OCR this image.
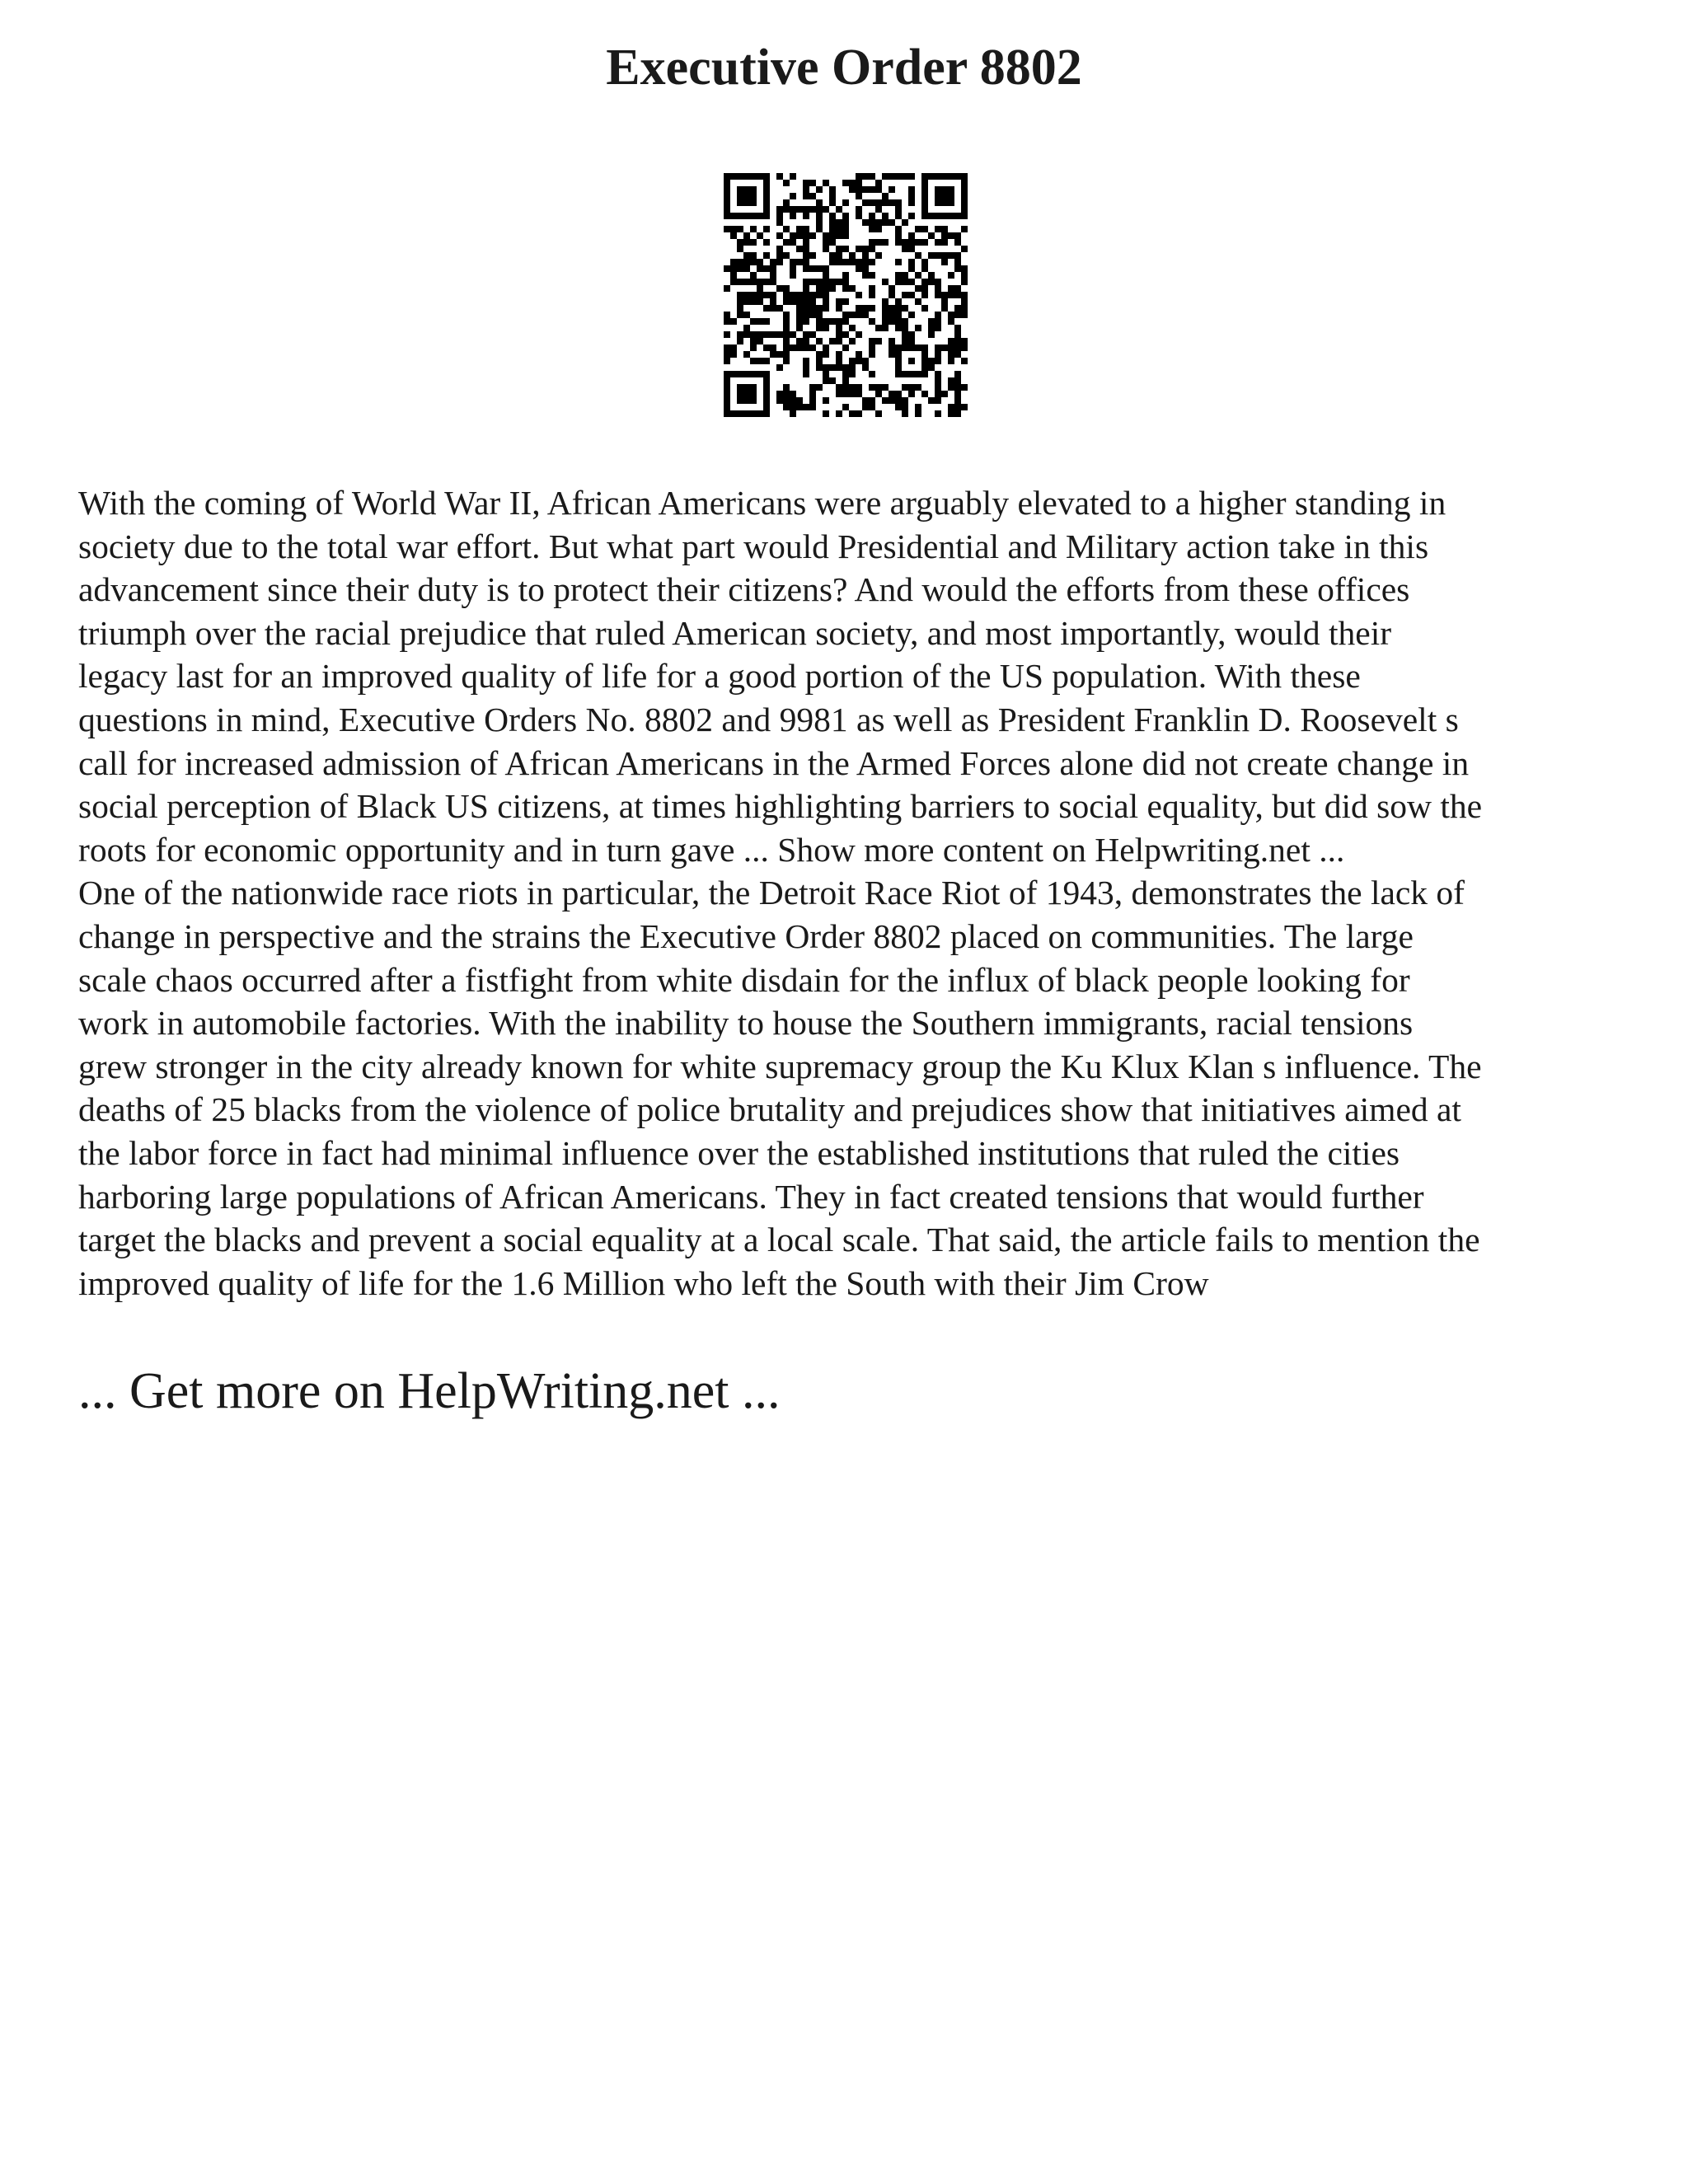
Executive Order 8802
With the coming of World War II, African Americans were arguably elevated to a higher standing in
society due to the total war effort. But what part would Presidential and Military action take in this
advancement since their duty is to protect their citizens? And would the efforts from these offices
triumph over the racial prejudice that ruled American society, and most importantly, would their
legacy last for an improved quality of life for a good portion of the US population. With these
questions in mind, Executive Orders No. 8802 and 9981 as well as President Franklin D. Roosevelt s
call for increased admission of African Americans in the Armed Forces alone did not create change in
social perception of Black US citizens, at times highlighting barriers to social equality, but did sow the
roots for economic opportunity and in turn gave ... Show more content on Helpwriting.net ...
One of the nationwide race riots in particular, the Detroit Race Riot of 1943, demonstrates the lack of
change in perspective and the strains the Executive Order 8802 placed on communities. The large
scale chaos occurred after a fistfight from white disdain for the influx of black people looking for
work in automobile factories. With the inability to house the Southern immigrants, racial tensions
grew stronger in the city already known for white supremacy group the Ku Klux Klan s influence. The
deaths of 25 blacks from the violence of police brutality and prejudices show that initiatives aimed at
the labor force in fact had minimal influence over the established institutions that ruled the cities
harboring large populations of African Americans. They in fact created tensions that would further
target the blacks and prevent a social equality at a local scale. That said, the article fails to mention the
improved quality of life for the 1.6 Million who left the South with their Jim Crow
... Get more on HelpWriting.net ...
